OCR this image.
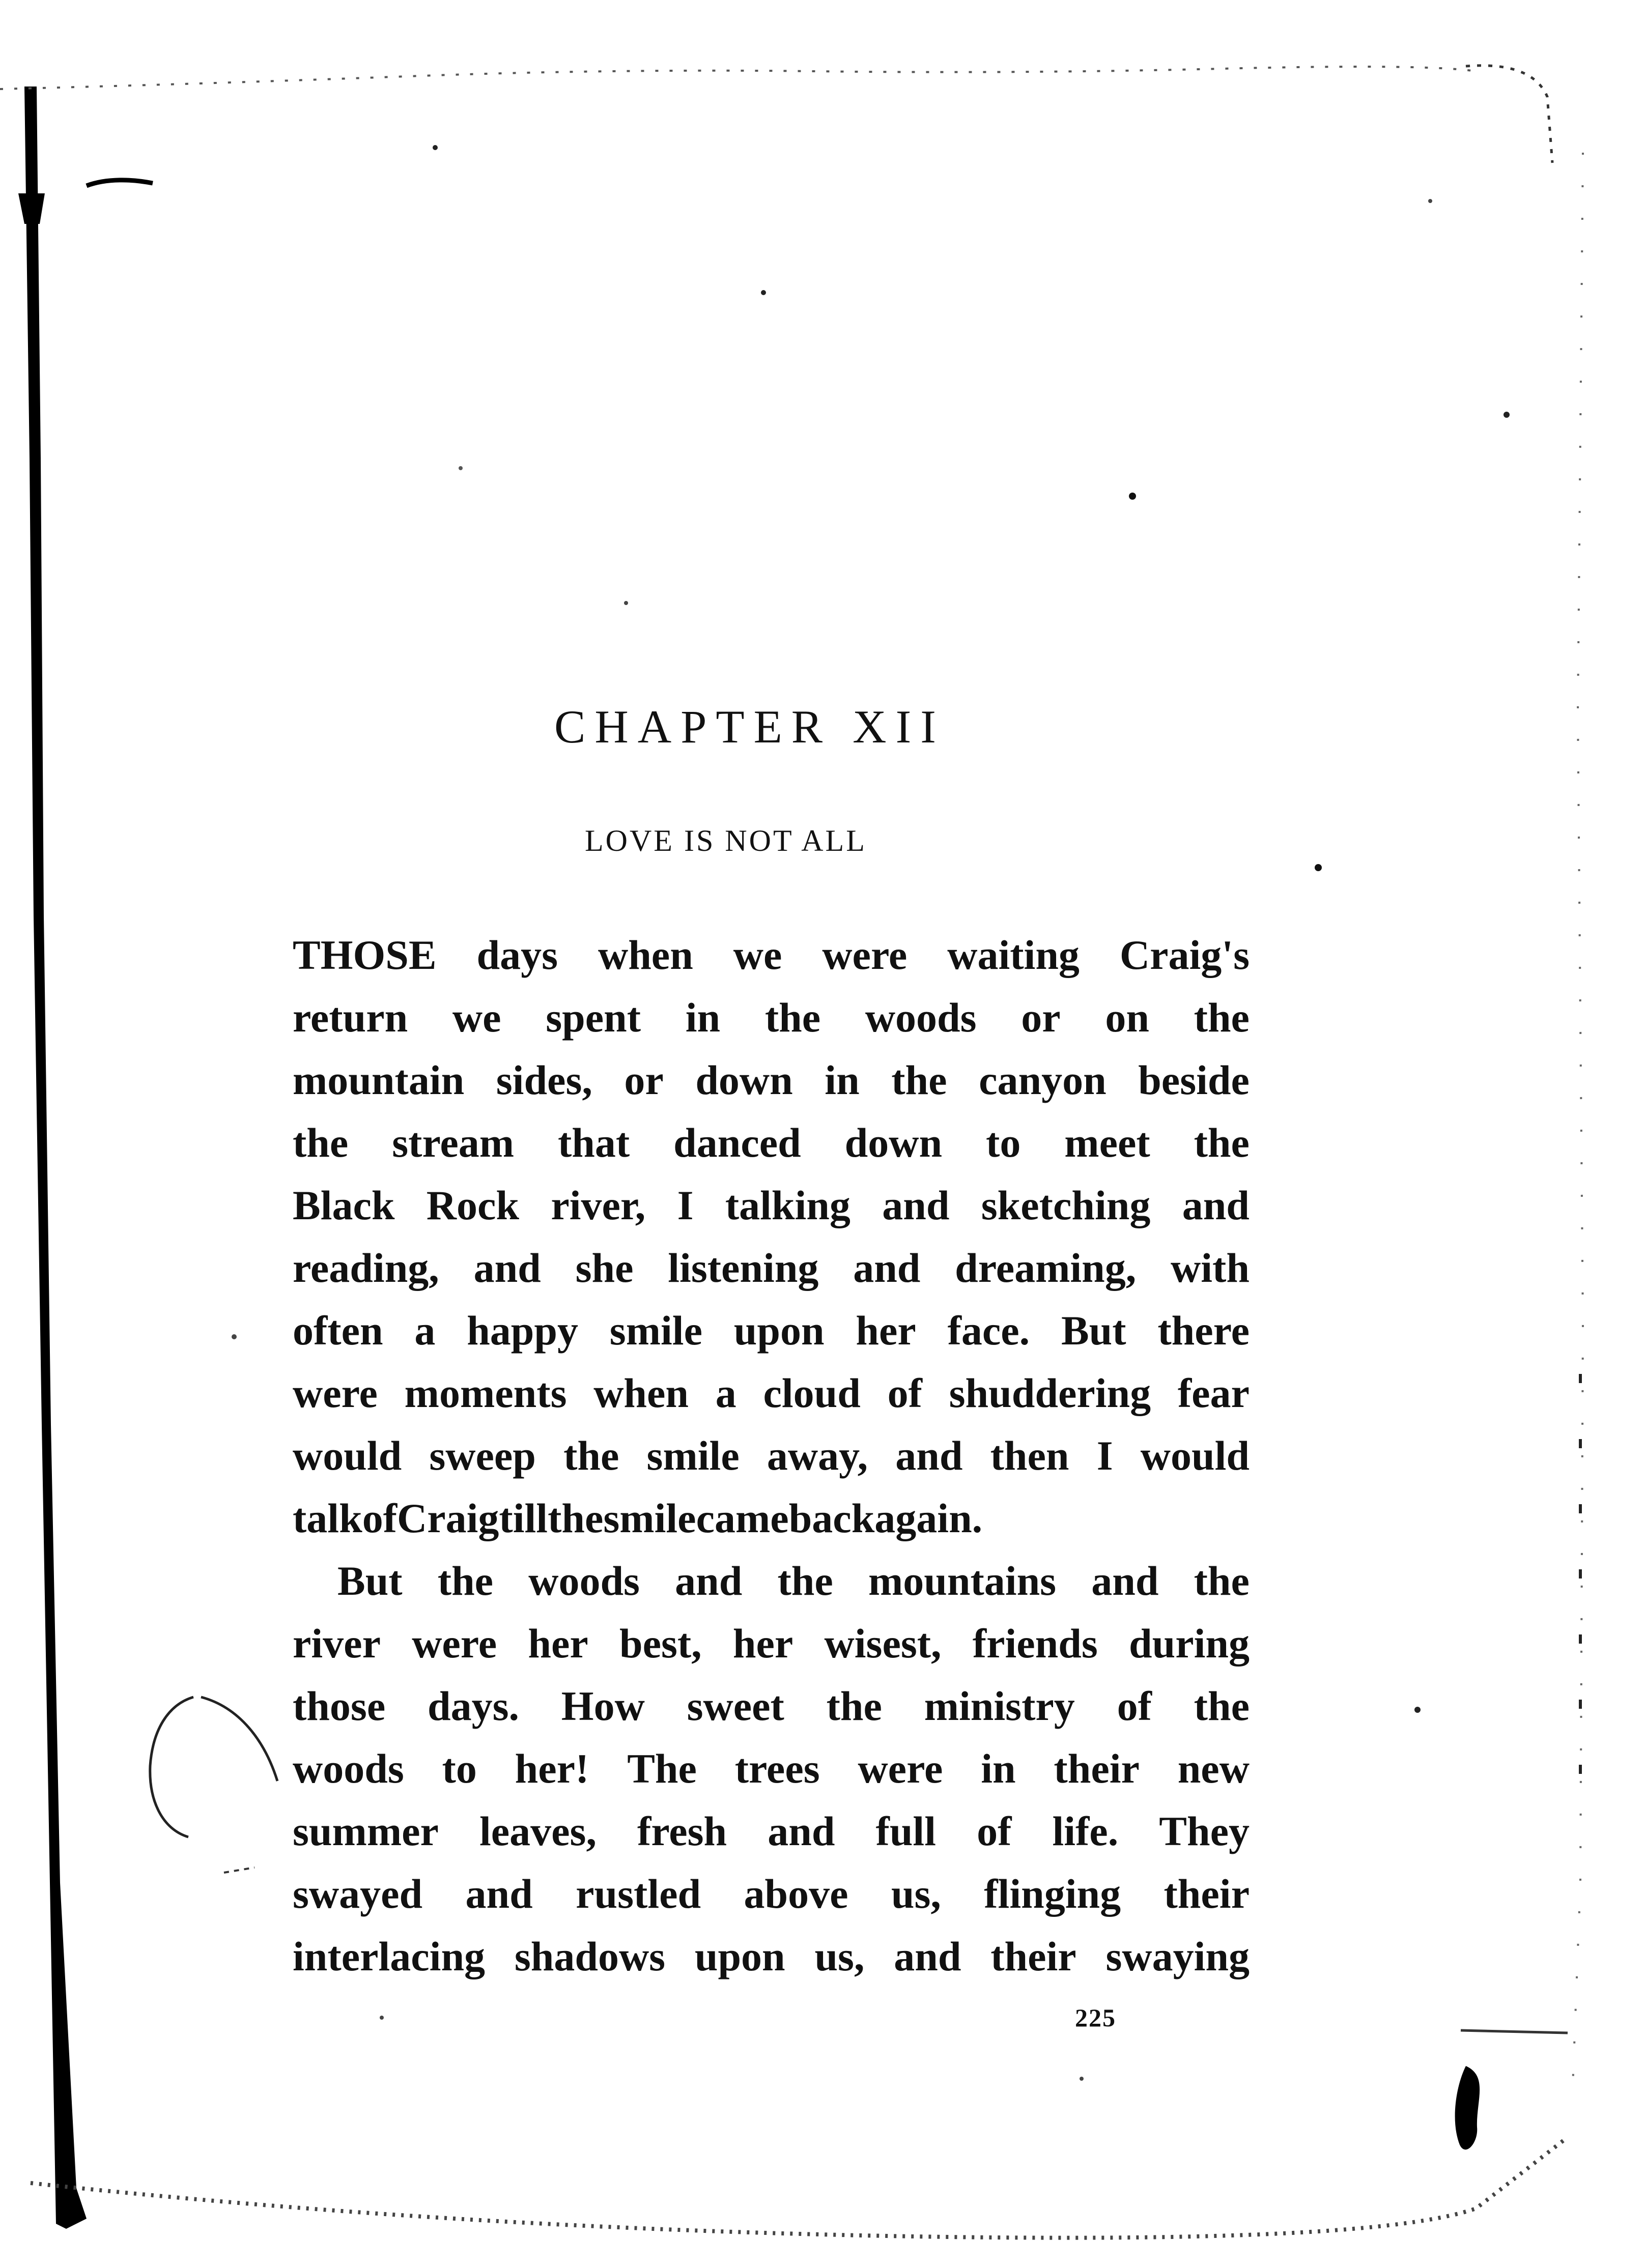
CHAPTER XII
LOVE IS NOT ALL
THOSE days when we were waiting Craig's
return we spent in the woods or on the
mountain sides, or down in the canyon beside
the stream that danced down to meet the
Black Rock river, I talking and sketching and
reading, and she listening and dreaming, with
often a happy smile upon her face. But there
were moments when a cloud of shuddering fear
would sweep the smile away, and then I would
talk of Craig till the smile came back again.
But the woods and the mountains and the
river were her best, her wisest, friends during
those days. How sweet the ministry of the
woods to her! The trees were in their new
summer leaves, fresh and full of life. They
swayed and rustled above us, flinging their
interlacing shadows upon us, and their swaying
225
